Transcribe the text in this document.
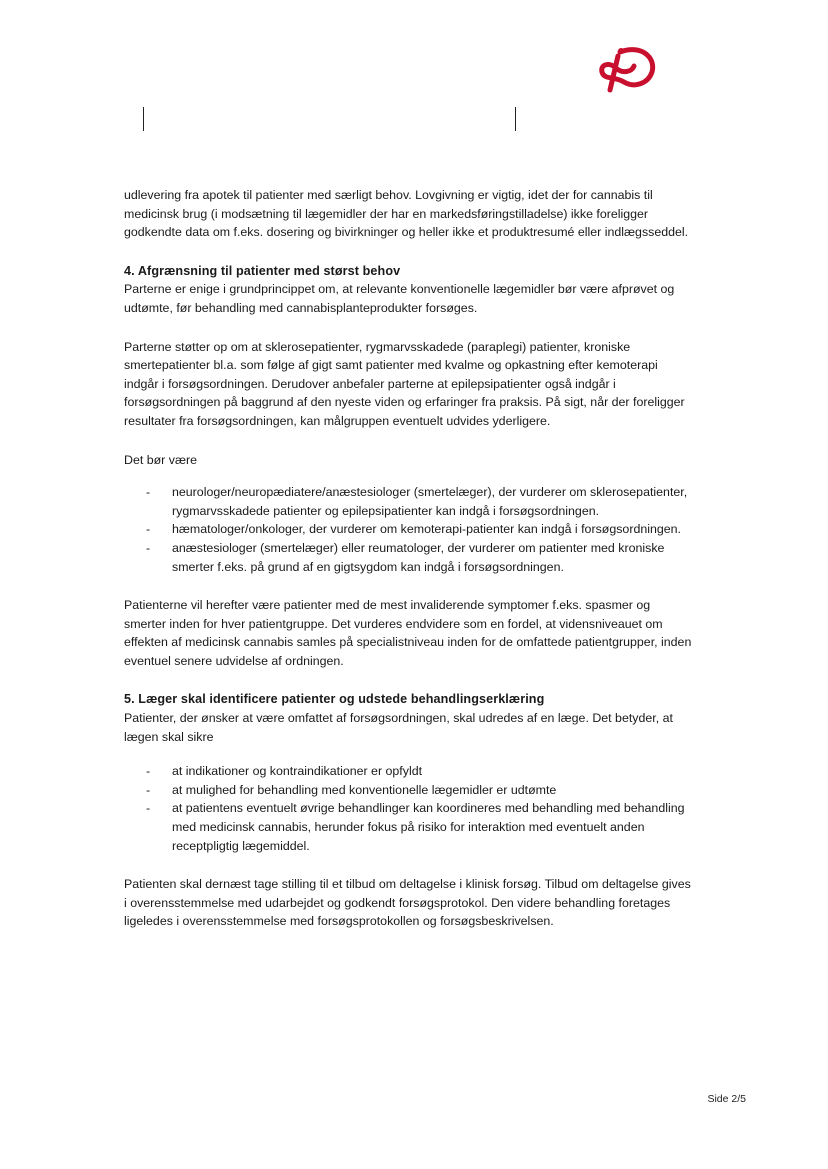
udlevering fra apotek til patienter med særligt behov. Lovgivning er vigtig, idet der for cannabis til medicinsk brug (i modsætning til lægemidler der har en markedsføringstilladelse) ikke foreligger godkendte data om f.eks. dosering og bivirkninger og heller ikke et produktresumé eller indlægsseddel.

4. Afgrænsning til patienter med størst behov

Parterne er enige i grundprincippet om, at relevante konventionelle lægemidler bør være afprøvet og udtømte, før behandling med cannabisplanteprodukter forsøges.

Parterne støtter op om at sklerosepatienter, rygmarvsskadede (paraplegi) patienter, kroniske smertepatienter bl.a. som følge af gigt samt patienter med kvalme og opkastning efter kemoterapi indgår i forsøgsordningen. Derudover anbefaler parterne at epilepsipatienter også indgår i forsøgsordningen på baggrund af den nyeste viden og erfaringer fra praksis. På sigt, når der foreligger resultater fra forsøgsordningen, kan målgruppen eventuelt udvides yderligere.

Det bør være

- neurologer/neuropædiatere/anæstesiologer (smertelæger), der vurderer om sklerosepatienter, rygmarvsskadede patienter og epilepsipatienter kan indgå i forsøgsordningen.
- hæmatologer/onkologer, der vurderer om kemoterapi-patienter kan indgå i forsøgsordningen.
- anæstesiologer (smertelæger) eller reumatologer, der vurderer om patienter med kroniske smerter f.eks. på grund af en gigtsygdom kan indgå i forsøgsordningen.

Patienterne vil herefter være patienter med de mest invaliderende symptomer f.eks. spasmer og smerter inden for hver patientgruppe. Det vurderes endvidere som en fordel, at vidensniveauet om effekten af medicinsk cannabis samles på specialistniveau inden for de omfattede patientgrupper, inden eventuel senere udvidelse af ordningen.

5. Læger skal identificere patienter og udstede behandlingserklæring

Patienter, der ønsker at være omfattet af forsøgsordningen, skal udredes af en læge. Det betyder, at lægen skal sikre

- at indikationer og kontraindikationer er opfyldt
- at mulighed for behandling med konventionelle lægemidler er udtømte
- at patientens eventuelt øvrige behandlinger kan koordineres med behandling med behandling med medicinsk cannabis, herunder fokus på risiko for interaktion med eventuelt anden receptpligtig lægemiddel.

Patienten skal dernæst tage stilling til et tilbud om deltagelse i klinisk forsøg. Tilbud om deltagelse gives i overensstemmelse med udarbejdet og godkendt forsøgsprotokol. Den videre behandling foretages ligeledes i overensstemmelse med forsøgsprotokollen og forsøgsbeskrivelsen.

Side 2/5
